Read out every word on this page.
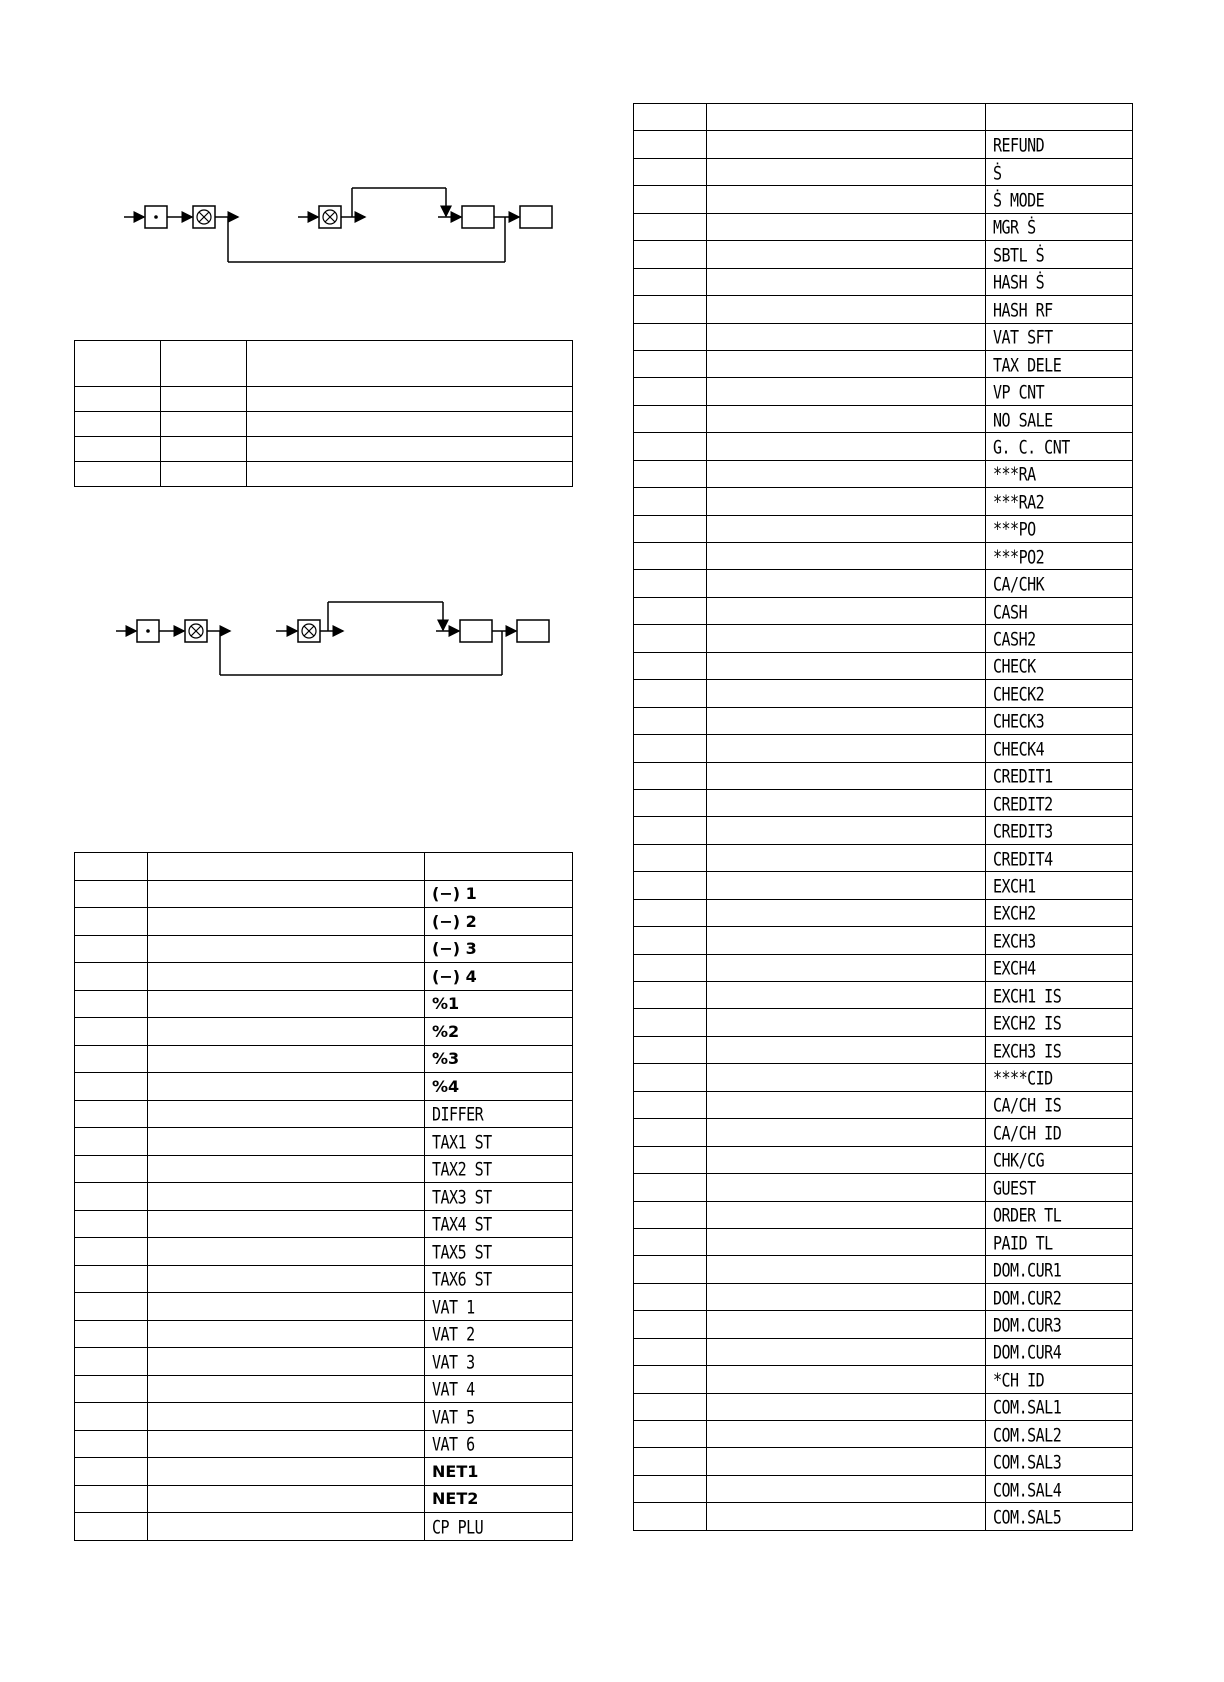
		(−) 1
		(−) 2
		(−) 3
		(−) 4
		%1
		%2
		%3
		%4
		DIFFER
		TAX1 ST
		TAX2 ST
		TAX3 ST
		TAX4 ST
		TAX5 ST
		TAX6 ST
		VAT 1
		VAT 2
		VAT 3
		VAT 4
		VAT 5
		VAT 6
		NET1
		NET2
		CP PLU

		REFUND
		Ṡ
		Ṡ MODE
		MGR Ṡ
		SBTL Ṡ
		HASH Ṡ
		HASH RF
		VAT SFT
		TAX DELE
		VP CNT
		NO SALE
		G. C. CNT
		***RA
		***RA2
		***PO
		***PO2
		CA/CHK
		CASH
		CASH2
		CHECK
		CHECK2
		CHECK3
		CHECK4
		CREDIT1
		CREDIT2
		CREDIT3
		CREDIT4
		EXCH1
		EXCH2
		EXCH3
		EXCH4
		EXCH1 IS
		EXCH2 IS
		EXCH3 IS
		****CID
		CA/CH IS
		CA/CH ID
		CHK/CG
		GUEST
		ORDER TL
		PAID TL
		DOM.CUR1
		DOM.CUR2
		DOM.CUR3
		DOM.CUR4
		*CH ID
		COM.SAL1
		COM.SAL2
		COM.SAL3
		COM.SAL4
		COM.SAL5
